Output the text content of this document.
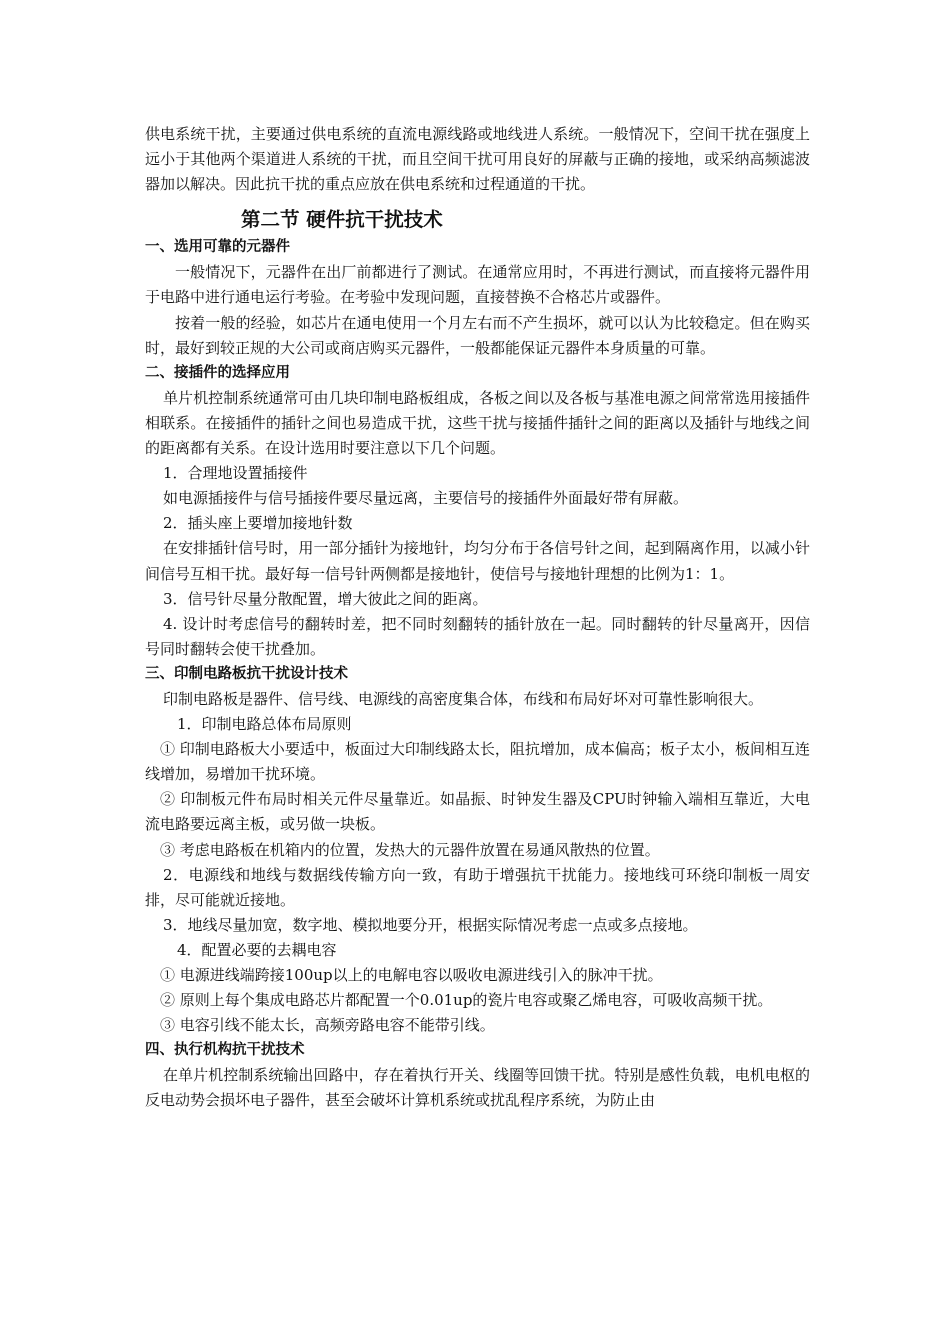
供电系统干扰，主要通过供电系统的直流电源线路或地线进人系统。一般情况下，空间干扰在强度上远小于其他两个渠道进人系统的干扰，而且空间干扰可用良好的屏蔽与正确的接地，或采纳高频滤波器加以解决。因此抗干扰的重点应放在供电系统和过程通道的干扰。

第二节 硬件抗干扰技术

一、选用可靠的元器件

一般情况下，元器件在出厂前都进行了测试。在通常应用时，不再进行测试，而直接将元器件用于电路中进行通电运行考验。在考验中发现问题，直接替换不合格芯片或器件。

按着一般的经验，如芯片在通电使用一个月左右而不产生损坏，就可以认为比较稳定。但在购买时，最好到较正规的大公司或商店购买元器件，一般都能保证元器件本身质量的可靠。

二、接插件的选择应用

单片机控制系统通常可由几块印制电路板组成，各板之间以及各板与基准电源之间常常选用接插件相联系。在接插件的插针之间也易造成干扰，这些干扰与接插件插针之间的距离以及插针与地线之间的距离都有关系。在设计选用时要注意以下几个问题。

1．合理地设置插接件

如电源插接件与信号插接件要尽量远离，主要信号的接插件外面最好带有屏蔽。

2．插头座上要增加接地针数

在安排插针信号时，用一部分插针为接地针，均匀分布于各信号针之间，起到隔离作用，以减小针间信号互相干扰。最好每一信号针两侧都是接地针，使信号与接地针理想的比例为1：1。

3．信号针尽量分散配置，增大彼此之间的距离。

4. 设计时考虑信号的翻转时差，把不同时刻翻转的插针放在一起。同时翻转的针尽量离开，因信号同时翻转会使干扰叠加。

三、印制电路板抗干扰设计技术

印制电路板是器件、信号线、电源线的高密度集合体，布线和布局好坏对可靠性影响很大。

1．印制电路总体布局原则

① 印制电路板大小要适中，板面过大印制线路太长，阻抗增加，成本偏高；板子太小，板间相互连线增加，易增加干扰环境。

② 印制板元件布局时相关元件尽量靠近。如晶振、时钟发生器及CPU时钟输入端相互靠近，大电流电路要远离主板，或另做一块板。

③ 考虑电路板在机箱内的位置，发热大的元器件放置在易通风散热的位置。

2．电源线和地线与数据线传输方向一致，有助于增强抗干扰能力。接地线可环绕印制板一周安排，尽可能就近接地。

3．地线尽量加宽，数字地、模拟地要分开，根据实际情况考虑一点或多点接地。

4．配置必要的去耦电容

① 电源进线端跨接100up以上的电解电容以吸收电源进线引入的脉冲干扰。

② 原则上每个集成电路芯片都配置一个0.01up的瓷片电容或聚乙烯电容，可吸收高频干扰。

③ 电容引线不能太长，高频旁路电容不能带引线。

四、执行机构抗干扰技术

在单片机控制系统输出回路中，存在着执行开关、线圈等回馈干扰。特别是感性负载，电机电枢的反电动势会损坏电子器件，甚至会破坏计算机系统或扰乱程序系统，为防止由
